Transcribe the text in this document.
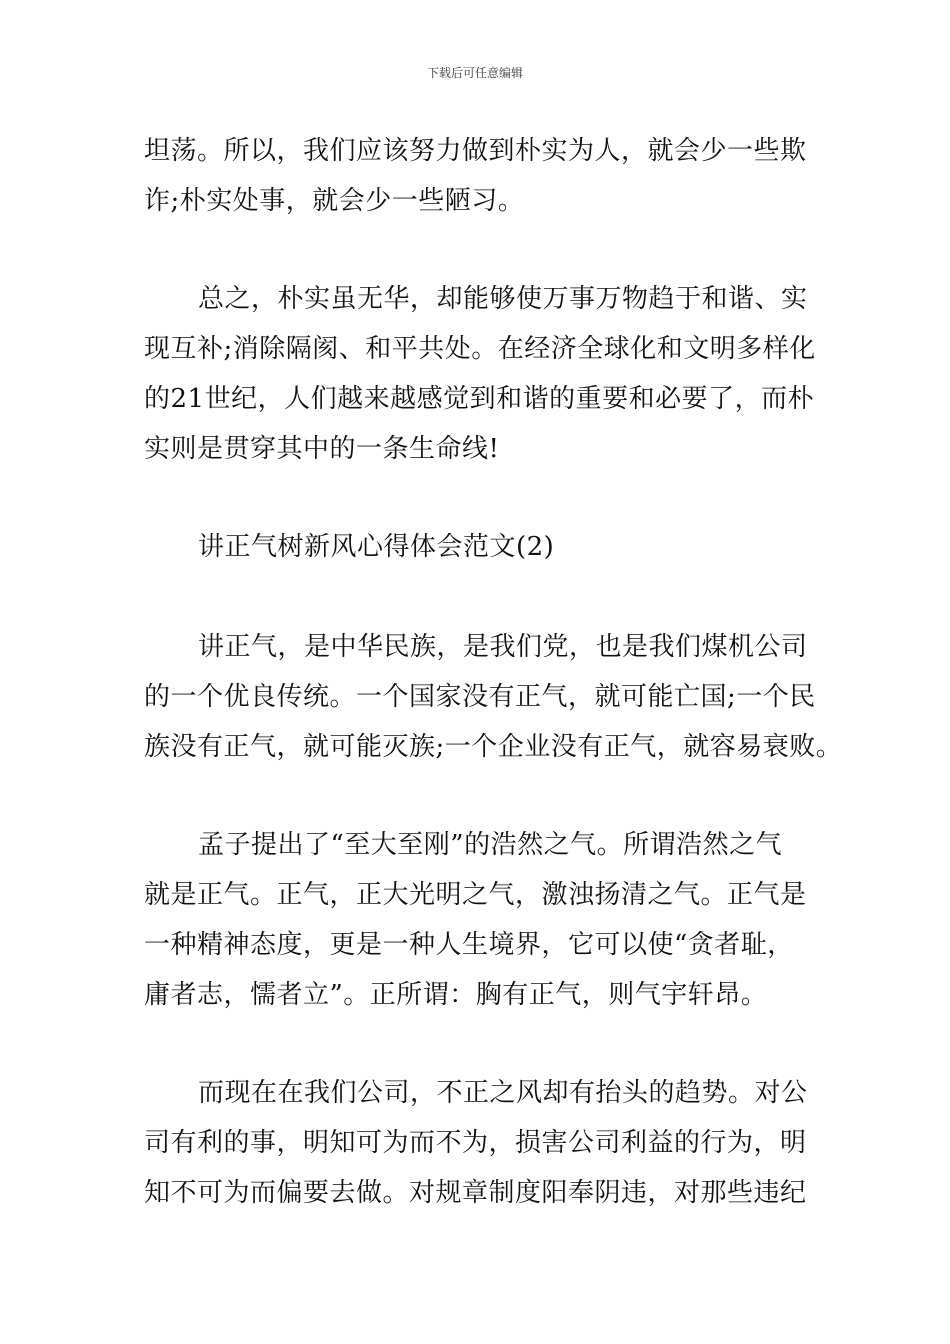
下载后可任意编辑
坦荡。所以，我们应该努力做到朴实为人，就会少一些欺
诈;朴实处事，就会少一些陋习。
总之，朴实虽无华，却能够使万事万物趋于和谐、实
现互补;消除隔阂、和平共处。在经济全球化和文明多样化
的21世纪，人们越来越感觉到和谐的重要和必要了，而朴
实则是贯穿其中的一条生命线!
讲正气树新风心得体会范文(2)
讲正气，是中华民族，是我们党，也是我们煤机公司
的一个优良传统。一个国家没有正气，就可能亡国;一个民
族没有正气，就可能灭族;一个企业没有正气，就容易衰败。
孟子提出了“至大至刚”的浩然之气。所谓浩然之气
就是正气。正气，正大光明之气，激浊扬清之气。正气是
一种精神态度，更是一种人生境界，它可以使“贪者耻，
庸者志，懦者立”。正所谓：胸有正气，则气宇轩昂。
而现在在我们公司，不正之风却有抬头的趋势。对公
司有利的事，明知可为而不为，损害公司利益的行为，明
知不可为而偏要去做。对规章制度阳奉阴违，对那些违纪
